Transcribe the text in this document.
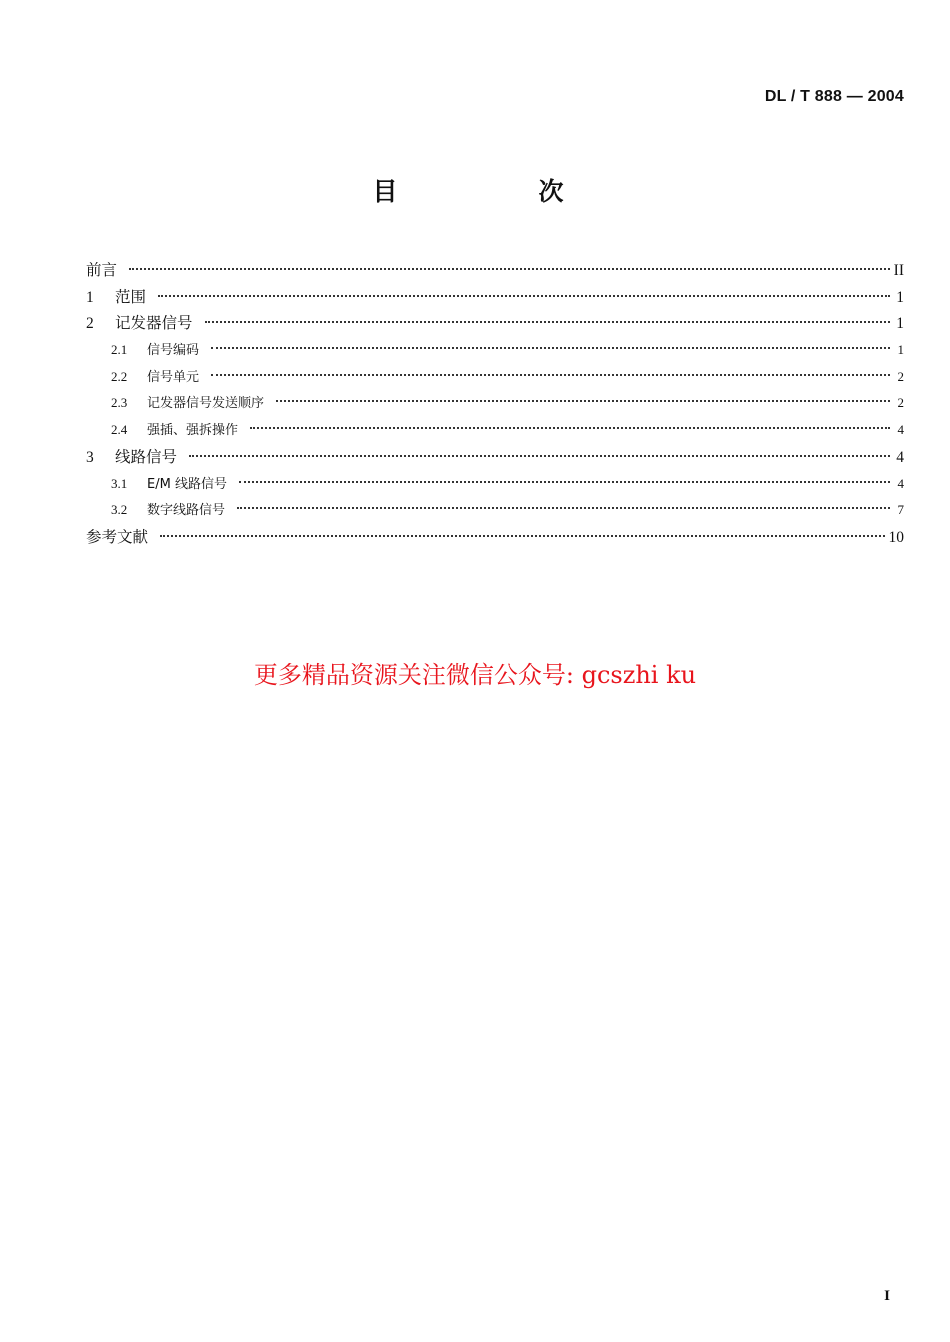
DL / T 888 — 2004
目　次
前言	II
1	范围	1
2	记发器信号	1
2.1	信号编码	1
2.2	信号单元	2
2.3	记发器信号发送顺序	2
2.4	强插、强拆操作	4
3	线路信号	4
3.1	E/M 线路信号	4
3.2	数字线路信号	7
参考文献	10
更多精品资源关注微信公众号: gcszhi ku
I
